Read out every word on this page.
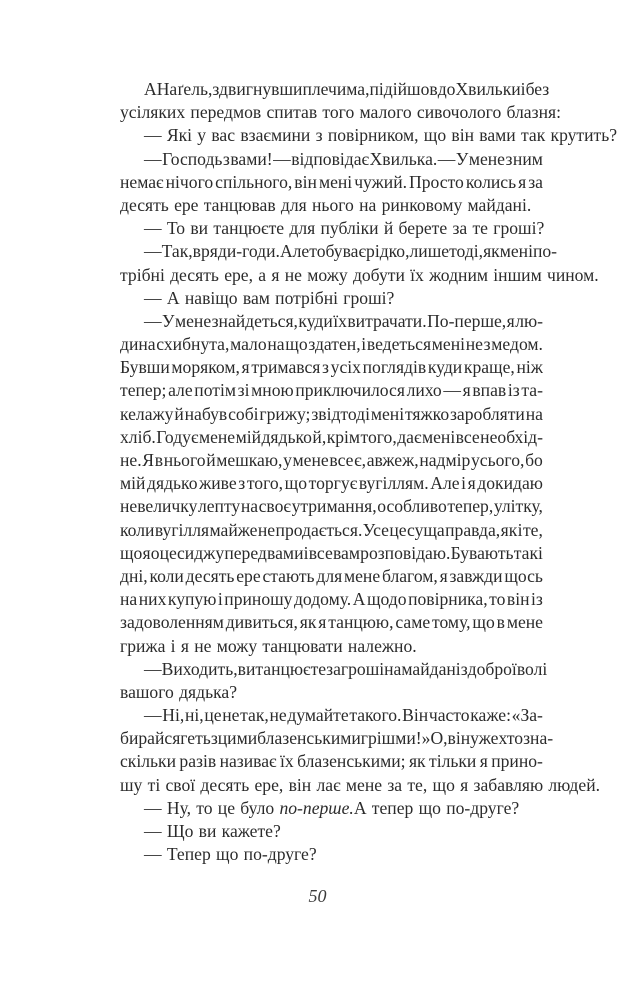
А Наґель, здвигнувши плечима, підійшов до Хвильки і без
усіляких передмов спитав того малого сивочолого блазня:
— Які у вас взаємини з повірником, що він вами так крутить?
— Господь з вами! — відповідає Хвилька. — У мене з ним
немає нічого спільного, він мені чужий. Просто колись я за
десять ере танцював для нього на ринковому майдані.
— То ви танцюєте для публіки й берете за те гроші?
— Так, вряди-годи. Але то буває рідко, лише тоді, як мені по-
трібні десять ере, а я не можу добути їх жодним іншим чином.
— А навіщо вам потрібні гроші?
— У мене знайдеться, куди їх витрачати. По-перше, я лю-
дина схибнута, мало на що здатен, і ведеться мені не з медом.
Бувши моряком, я тримався з усіх поглядів куди краще, ніж
тепер; але потім зі мною приключилося лихо — я впав із та-
келажу й набув собі грижу; звідтоді мені тяжко заробляти на
хліб. Годує мене мій дядько й, крім того, дає мені все необхід-
не. Я в нього й мешкаю, у мене все є, авжеж, надмір усього, бо
мій дядько живе з того, що торгує вугіллям. Але і я докидаю
невеличку лепту на своє утримання, особливо тепер, улітку,
коли вугілля майже не продається. Усе це суща правда, як і те,
що я оце сиджу перед вами і все вам розповідаю. Бувають такі
дні, коли десять ере стають для мене благом, я завжди щось
на них купую і приношу додому. А щодо повірника, то він із
задоволенням дивиться, як я танцюю, саме тому, що в мене
грижа і я не можу танцювати належно.
— Виходить, ви танцюєте за гроші на майдані з доброї волі
вашого дядька?
— Ні, ні, це не так, не думайте такого. Він часто каже: «За-
бирайся геть з цими блазенськими грішми!» О, він уже хтозна-
скільки разів називає їх блазенськими; як тільки я прино-
шу ті свої десять ере, він лає мене за те, що я забавляю людей.
— Ну, то це було по-перше. А тепер що по-друге?
— Що ви кажете?
— Тепер що по-друге?
50
